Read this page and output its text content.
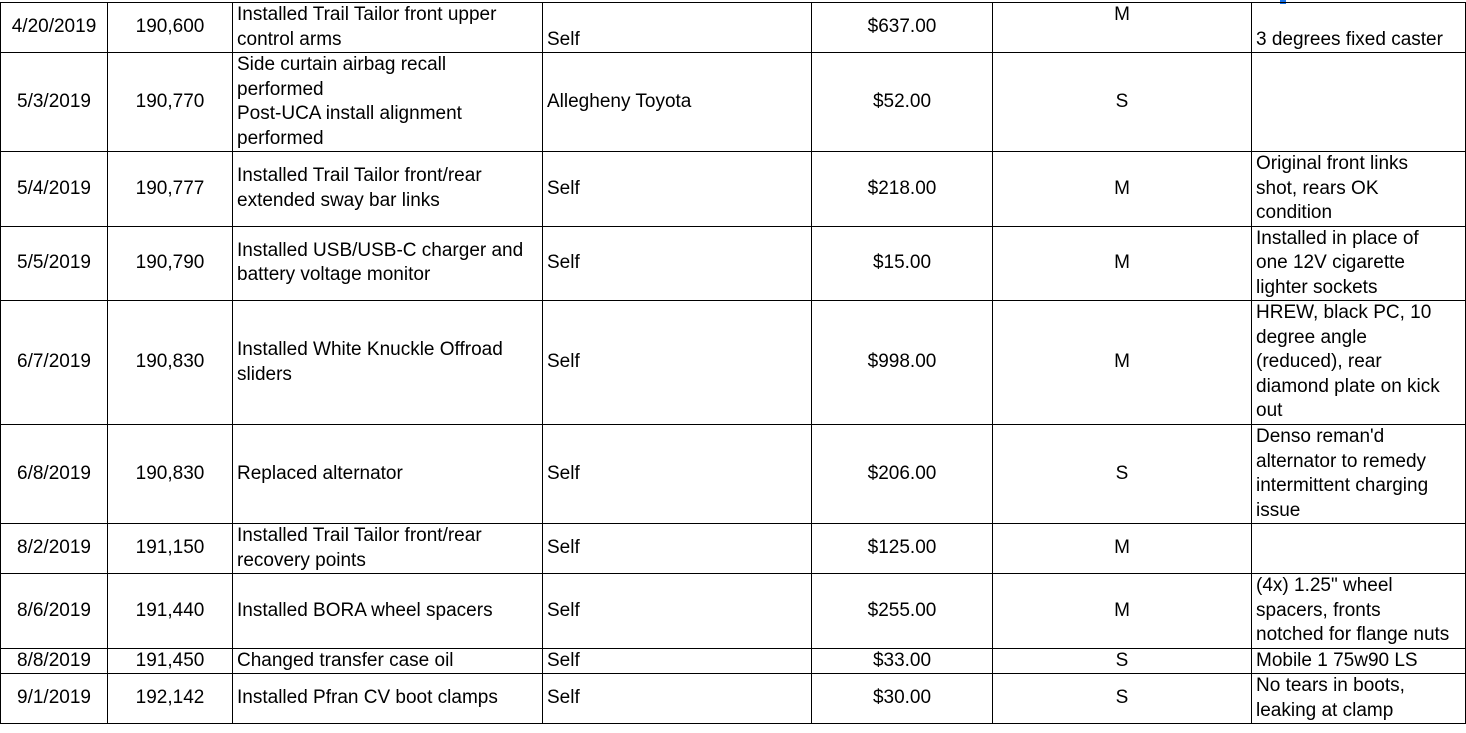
4/20/2019	190,600	Installed Trail Tailor front upper
control arms	Self	$637.00	M	3 degrees fixed caster

5/3/2019	190,770	Side curtain airbag recall
performed
Post-UCA install alignment
performed	Allegheny Toyota	$52.00	S	
5/4/2019	190,777	Installed Trail Tailor front/rear
extended sway bar links	Self	$218.00	M	Original front links
shot, rears OK
condition

5/5/2019	190,790	Installed USB/USB-C charger and
battery voltage monitor	Self	$15.00	M	Installed in place of
one 12V cigarette
lighter sockets

6/7/2019	190,830	Installed White Knuckle Offroad
sliders	Self	$998.00	M	HREW, black PC, 10
degree angle
(reduced), rear
diamond plate on kick
out

6/8/2019	190,830	Replaced alternator	Self	$206.00	S	Denso reman'd
alternator to remedy
intermittent charging
issue

8/2/2019	191,150	Installed Trail Tailor front/rear
recovery points	Self	$125.00	M	
8/6/2019	191,440	Installed BORA wheel spacers	Self	$255.00	M	(4x) 1.25" wheel
spacers, fronts
notched for flange nuts

8/8/2019	191,450	Changed transfer case oil	Self	$33.00	S	Mobile 1 75w90 LS

9/1/2019	192,142	Installed Pfran CV boot clamps	Self	$30.00	S	No tears in boots,
leaking at clamp
